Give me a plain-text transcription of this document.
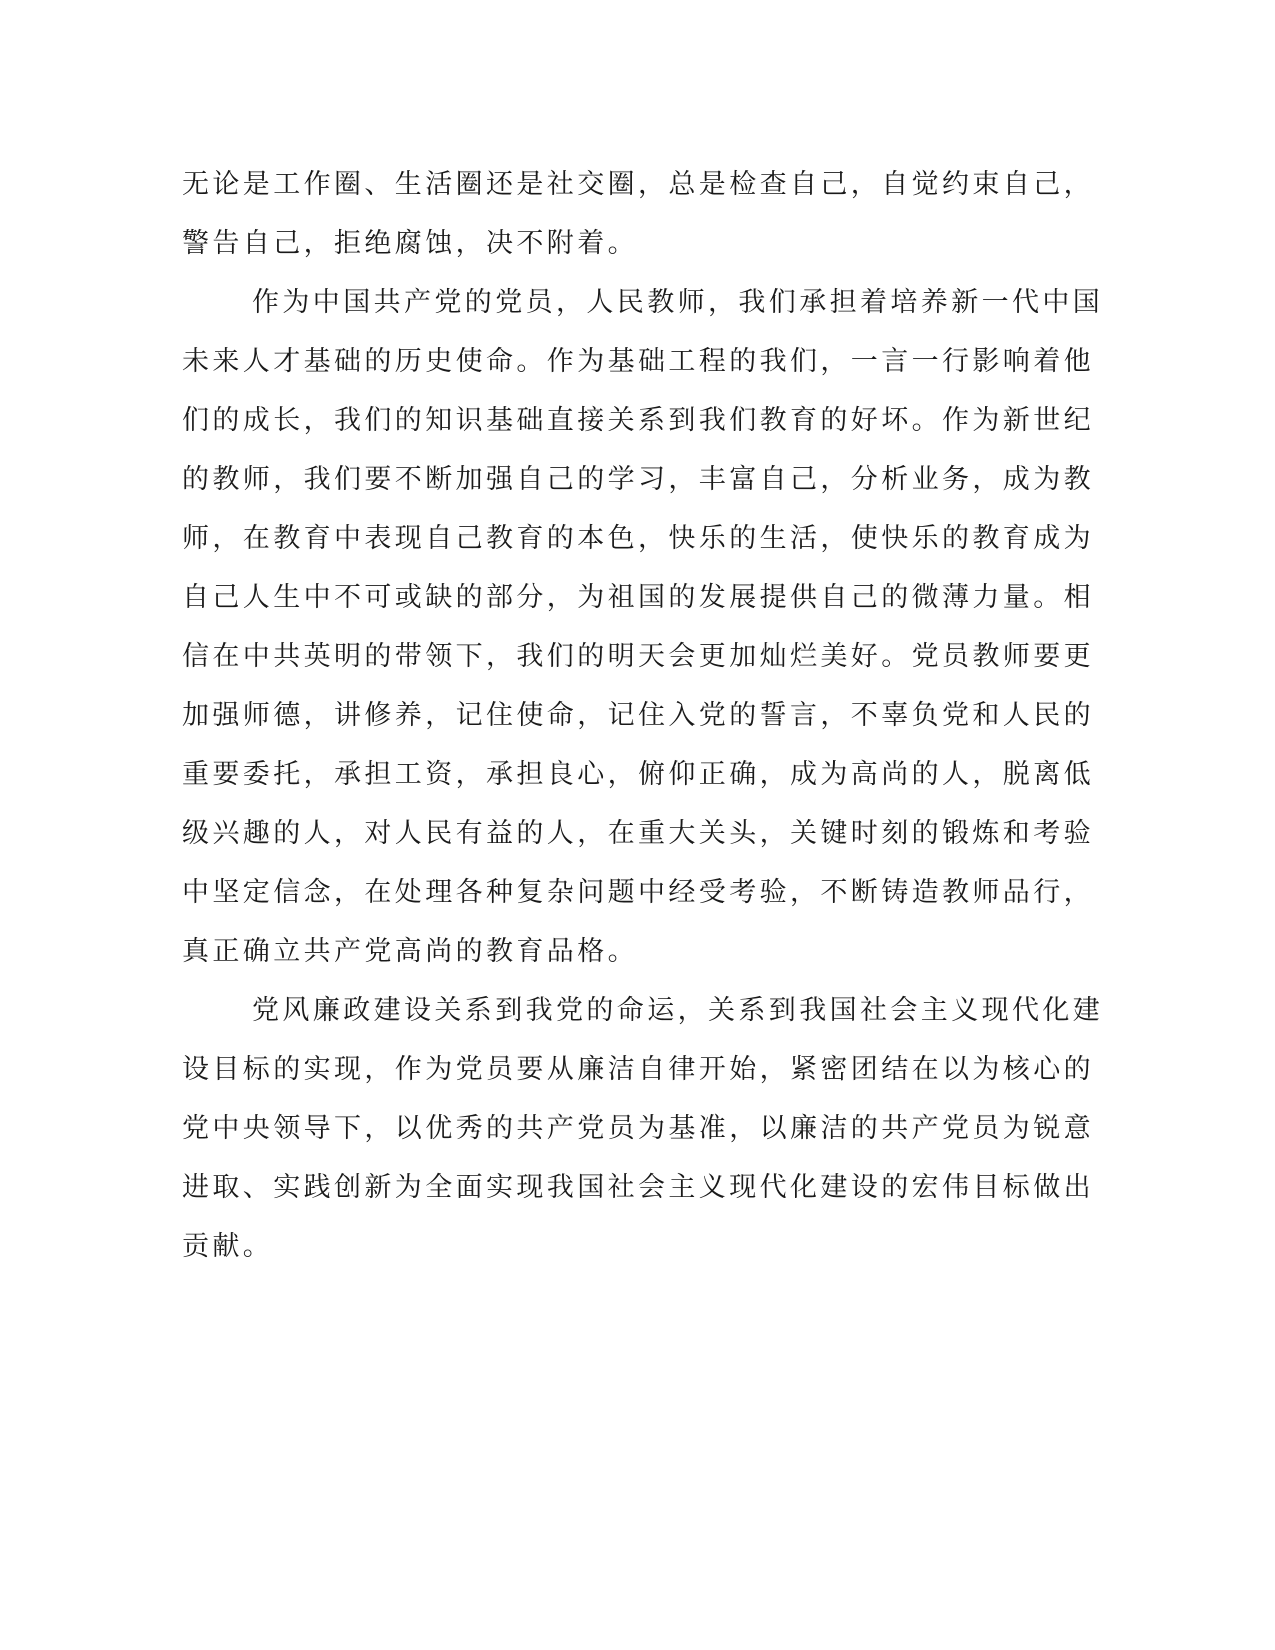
无论是工作圈、生活圈还是社交圈，总是检查自己，自觉约束自己，
警告自己，拒绝腐蚀，决不附着。
作为中国共产党的党员，人民教师，我们承担着培养新一代中国
未来人才基础的历史使命。作为基础工程的我们，一言一行影响着他
们的成长，我们的知识基础直接关系到我们教育的好坏。作为新世纪
的教师，我们要不断加强自己的学习，丰富自己，分析业务，成为教
师，在教育中表现自己教育的本色，快乐的生活，使快乐的教育成为
自己人生中不可或缺的部分，为祖国的发展提供自己的微薄力量。相
信在中共英明的带领下，我们的明天会更加灿烂美好。党员教师要更
加强师德，讲修养，记住使命，记住入党的誓言，不辜负党和人民的
重要委托，承担工资，承担良心，俯仰正确，成为高尚的人，脱离低
级兴趣的人，对人民有益的人，在重大关头，关键时刻的锻炼和考验
中坚定信念，在处理各种复杂问题中经受考验，不断铸造教师品行，
真正确立共产党高尚的教育品格。
党风廉政建设关系到我党的命运，关系到我国社会主义现代化建
设目标的实现，作为党员要从廉洁自律开始，紧密团结在以为核心的
党中央领导下，以优秀的共产党员为基准，以廉洁的共产党员为锐意
进取、实践创新为全面实现我国社会主义现代化建设的宏伟目标做出
贡献。
